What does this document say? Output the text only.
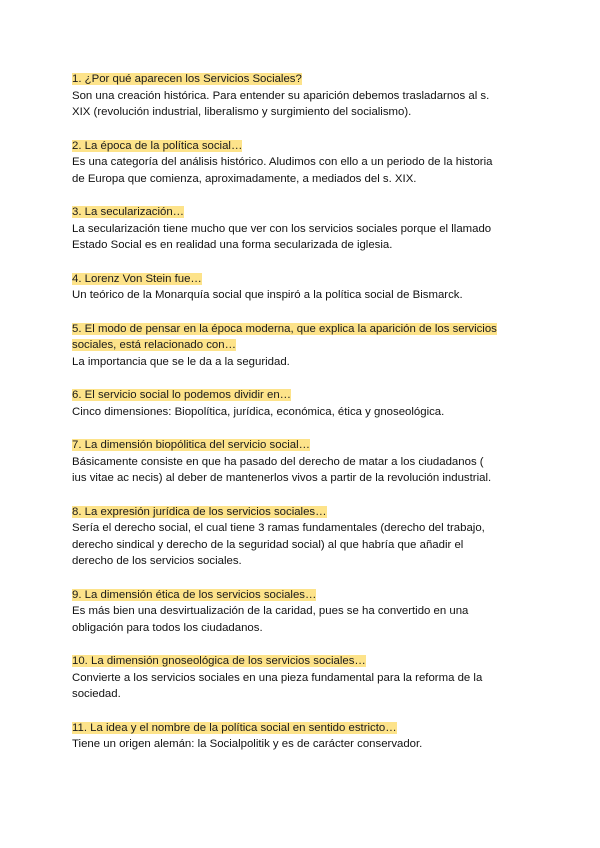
1. ¿Por qué aparecen los Servicios Sociales?

Son una creación histórica. Para entender su aparición debemos trasladarnos al s.

XIX (revolución industrial, liberalismo y surgimiento del socialismo).

2. La época de la política social…

Es una categoría del análisis histórico. Aludimos con ello a un periodo de la historia

de Europa que comienza, aproximadamente, a mediados del s. XIX.

3. La secularización…

La secularización tiene mucho que ver con los servicios sociales porque el llamado

Estado Social es en realidad una forma secularizada de iglesia.

4. Lorenz Von Stein fue…

Un teórico de la Monarquía social que inspiró a la política social de Bismarck.

5. El modo de pensar en la época moderna, que explica la aparición de los servicios

sociales, está relacionado con…

La importancia que se le da a la seguridad.

6. El servicio social lo podemos dividir en…

Cinco dimensiones: Biopolítica, jurídica, económica, ética y gnoseológica.

7. La dimensión biopólitica del servicio social…

Básicamente consiste en que ha pasado del derecho de matar a los ciudadanos (

ius vitae ac necis) al deber de mantenerlos vivos a partir de la revolución industrial.

8. La expresión jurídica de los servicios sociales…

Sería el derecho social, el cual tiene 3 ramas fundamentales (derecho del trabajo,

derecho sindical y derecho de la seguridad social) al que habría que añadir el

derecho de los servicios sociales.

9. La dimensión ética de los servicios sociales…

Es más bien una desvirtualización de la caridad, pues se ha convertido en una

obligación para todos los ciudadanos.

10. La dimensión gnoseológica de los servicios sociales…

Convierte a los servicios sociales en una pieza fundamental para la reforma de la

sociedad.

11. La idea y el nombre de la política social en sentido estricto…

Tiene un origen alemán: la Socialpolitik y es de carácter conservador.
